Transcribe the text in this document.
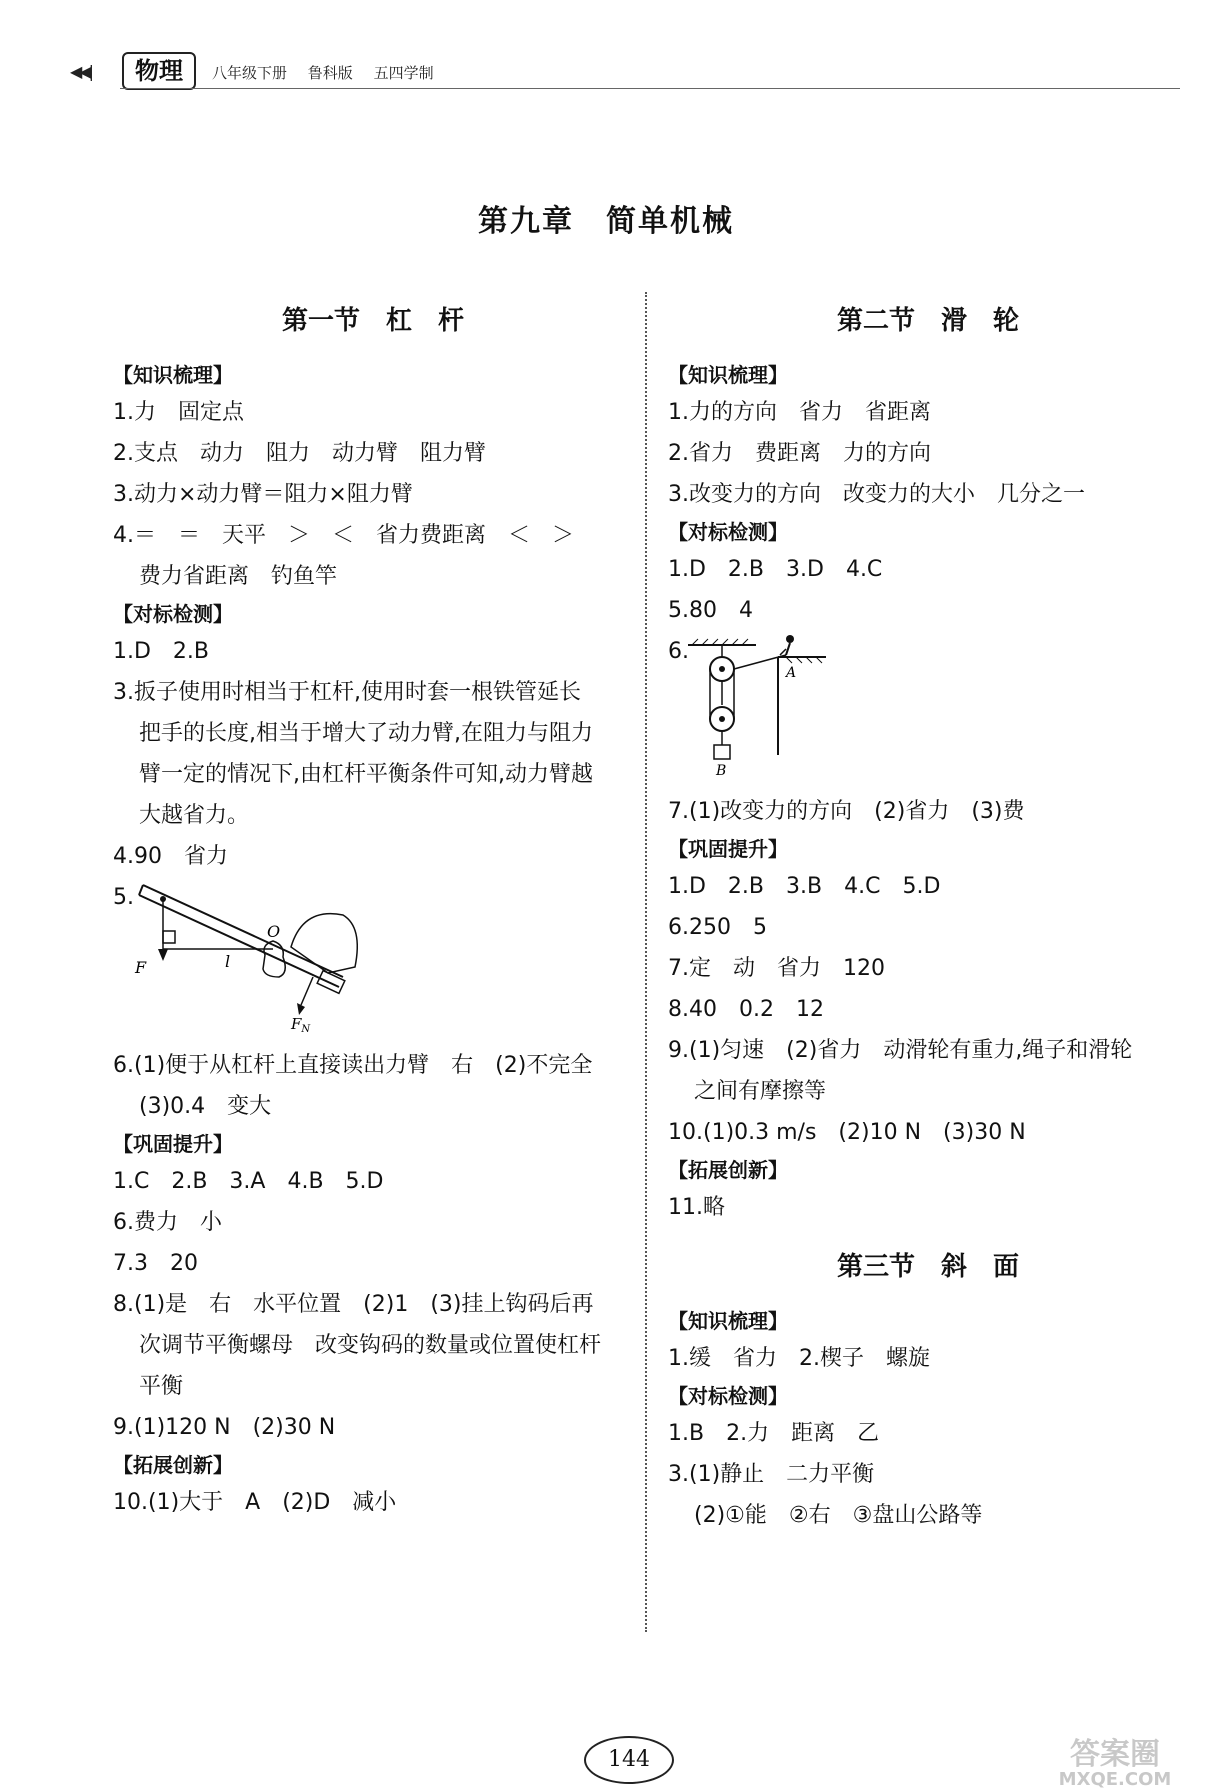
◀◀|	物理	八年级下册 鲁科版 五四学制
第九章　简单机械
第一节　杠　杆
【知识梳理】
1.力　固定点
2.支点　动力　阻力　动力臂　阻力臂
3.动力×动力臂＝阻力×阻力臂
4.＝　＝　天平　＞　＜　省力费距离　＜　＞
费力省距离　钓鱼竿
【对标检测】
1.D　2.B
3.扳子使用时相当于杠杆,使用时套一根铁管延长
把手的长度,相当于增大了动力臂,在阻力与阻力
臂一定的情况下,由杠杆平衡条件可知,动力臂越
大越省力。
4.90　省力
5.
F	l
O
$F_N$
6.(1)便于从杠杆上直接读出力臂　右　(2)不完全
(3)0.4　变大
【巩固提升】
1.C　2.B　3.A　4.B　5.D
6.费力　小
7.3　20
8.(1)是　右　水平位置　(2)1　(3)挂上钩码后再
次调节平衡螺母　改变钩码的数量或位置使杠杆
平衡
9.(1)120 N　(2)30 N
【拓展创新】
10.(1)大于　A　(2)D　减小
第二节　滑　轮
【知识梳理】
1.力的方向　省力　省距离
2.省力　费距离　力的方向
3.改变力的方向　改变力的大小　几分之一
【对标检测】
1.D　2.B　3.D　4.C
5.80　4
6.
A
B
7.(1)改变力的方向　(2)省力　(3)费
【巩固提升】
1.D　2.B　3.B　4.C　5.D
6.250　5
7.定　动　省力　120
8.40　0.2　12
9.(1)匀速　(2)省力　动滑轮有重力,绳子和滑轮
之间有摩擦等
10.(1)0.3 m/s　(2)10 N　(3)30 N
【拓展创新】
11.略
第三节　斜　面
【知识梳理】
1.缓　省力　2.楔子　螺旋
【对标检测】
1.B　2.力　距离　乙
3.(1)静止　二力平衡
(2)①能　②右　③盘山公路等
144	答案圈
MXQE.COM
